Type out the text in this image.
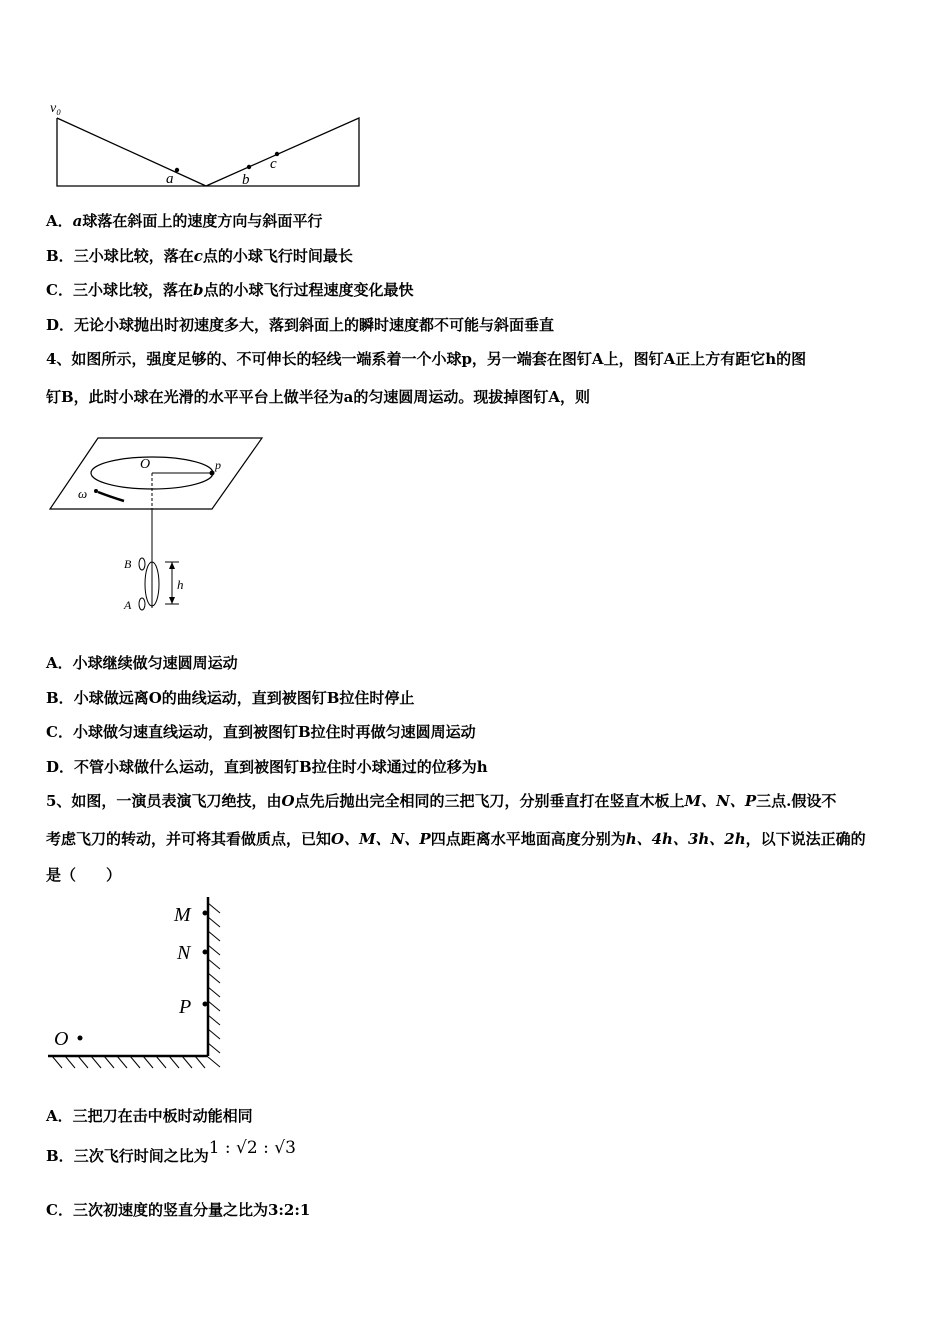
v₀
a	b
c
A．a球落在斜面上的速度方向与斜面平行
B．三小球比较，落在c点的小球飞行时间最长
C．三小球比较，落在b点的小球飞行过程速度变化最快
D．无论小球抛出时初速度多大，落到斜面上的瞬时速度都不可能与斜面垂直
4、如图所示，强度足够的、不可伸长的轻线一端系着一个小球p，另一端套在图钉A上，图钉A正上方有距它h的图
钉B，此时小球在光滑的水平平台上做半径为a的匀速圆周运动。现拔掉图钉A，则
O	p
ω
B
A
h
A．小球继续做匀速圆周运动
B．小球做远离O的曲线运动，直到被图钉B拉住时停止
C．小球做匀速直线运动，直到被图钉B拉住时再做匀速圆周运动
D．不管小球做什么运动，直到被图钉B拉住时小球通过的位移为h
5、如图，一演员表演飞刀绝技，由O点先后抛出完全相同的三把飞刀，分别垂直打在竖直木板上M、N、P三点.假设不
考虑飞刀的转动，并可将其看做质点，已知O、M、N、P四点距离水平地面高度分别为h、4h、3h、2h，以下说法正确的
是（　　）
M
N
P
O
A．三把刀在击中板时动能相同
B．三次飞行时间之比为1 : √2 : √3
C．三次初速度的竖直分量之比为3:2:1
